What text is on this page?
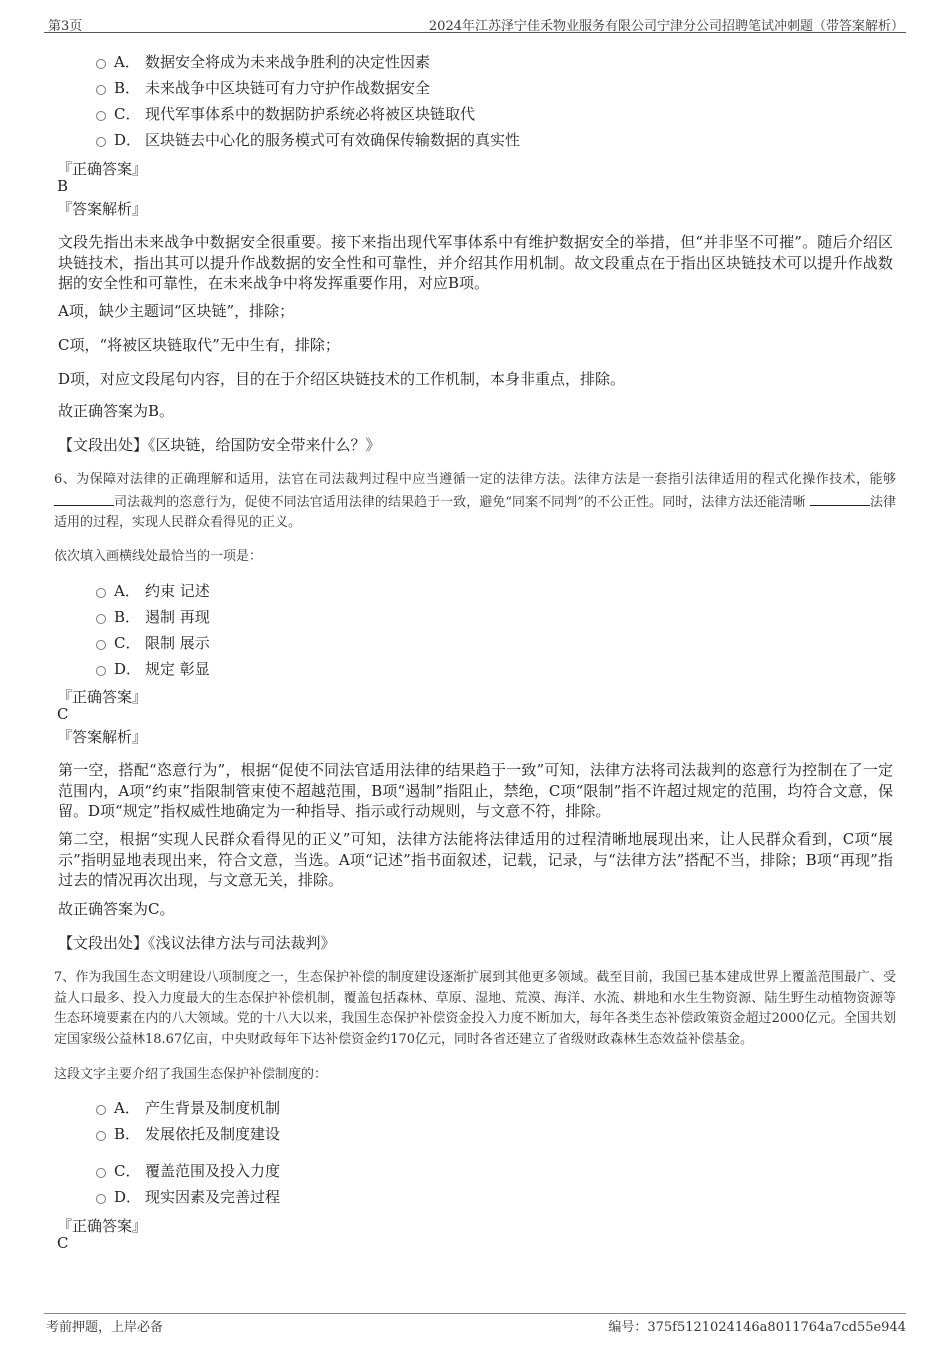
第3页	2024年江苏泽宁佳禾物业服务有限公司宁津分公司招聘笔试冲刺题（带答案解析）
A． 数据安全将成为未来战争胜利的决定性因素
B． 未来战争中区块链可有力守护作战数据安全
C． 现代军事体系中的数据防护系统必将被区块链取代
D． 区块链去中心化的服务模式可有效确保传输数据的真实性
『正确答案』
B
『答案解析』
文段先指出未来战争中数据安全很重要。接下来指出现代军事体系中有维护数据安全的举措，但“并非坚不可摧”。随后介绍区块链技术，指出其可以提升作战数据的安全性和可靠性，并介绍其作用机制。故文段重点在于指出区块链技术可以提升作战数据的安全性和可靠性，在未来战争中将发挥重要作用，对应B项。
A项，缺少主题词“区块链”，排除；
C项，“将被区块链取代”无中生有，排除；
D项，对应文段尾句内容，目的在于介绍区块链技术的工作机制，本身非重点，排除。
故正确答案为B。
【文段出处】《区块链，给国防安全带来什么？》
6、为保障对法律的正确理解和适用，法官在司法裁判过程中应当遵循一定的法律方法。法律方法是一套指引法律适用的程式化操作技术，能够司法裁判的恣意行为，促使不同法官适用法律的结果趋于一致，避免“同案不同判”的不公正性。同时，法律方法还能清晰	法律适用的过程，实现人民群众看得见的正义。
依次填入画横线处最恰当的一项是：
A． 约束 记述
B． 遏制 再现
C． 限制 展示
D． 规定 彰显
『正确答案』
C
『答案解析』
第一空，搭配“恣意行为”，根据“促使不同法官适用法律的结果趋于一致”可知，法律方法将司法裁判的恣意行为控制在了一定范围内，A项“约束”指限制管束使不超越范围，B项“遏制”指阻止，禁绝，C项“限制”指不许超过规定的范围，均符合文意，保留。D项“规定”指权威性地确定为一种指导、指示或行动规则，与文意不符，排除。
第二空，根据“实现人民群众看得见的正义”可知，法律方法能将法律适用的过程清晰地展现出来，让人民群众看到，C项“展示”指明显地表现出来，符合文意，当选。A项“记述”指书面叙述，记载，记录，与“法律方法”搭配不当，排除；B项“再现”指过去的情况再次出现，与文意无关，排除。
故正确答案为C。
【文段出处】《浅议法律方法与司法裁判》
7、作为我国生态文明建设八项制度之一，生态保护补偿的制度建设逐渐扩展到其他更多领域。截至目前，我国已基本建成世界上覆盖范围最广、受益人口最多、投入力度最大的生态保护补偿机制，覆盖包括森林、草原、湿地、荒漠、海洋、水流、耕地和水生生物资源、陆生野生动植物资源等生态环境要素在内的八大领域。党的十八大以来，我国生态保护补偿资金投入力度不断加大，每年各类生态补偿政策资金超过2000亿元。全国共划定国家级公益林18.67亿亩，中央财政每年下达补偿资金约170亿元，同时各省还建立了省级财政森林生态效益补偿基金。
这段文字主要介绍了我国生态保护补偿制度的：
A． 产生背景及制度机制
B． 发展依托及制度建设
C． 覆盖范围及投入力度
D． 现实因素及完善过程
『正确答案』
C
考前押题，上岸必备	编号：375f5121024146a8011764a7cd55e944
